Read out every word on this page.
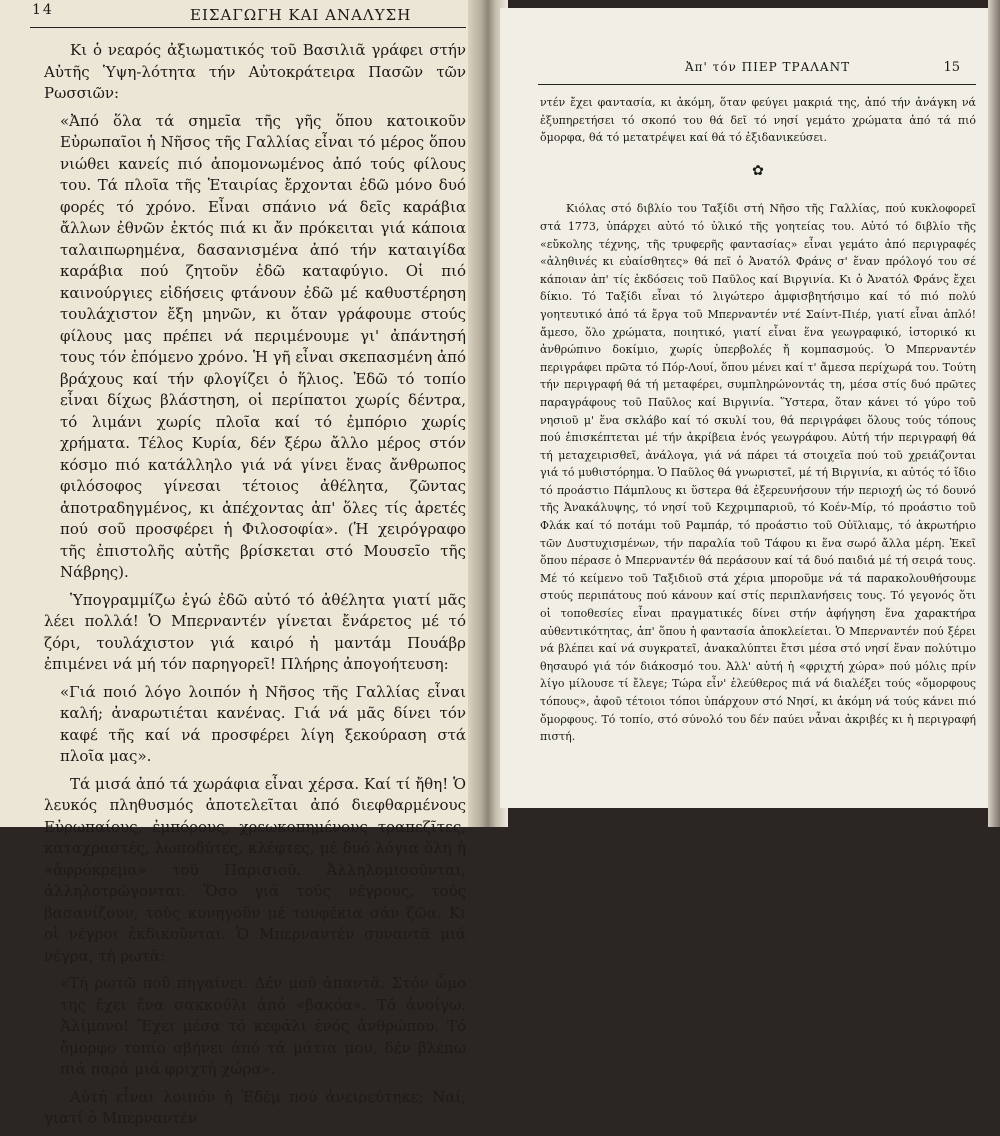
14	ΕΙΣΑΓΩΓΗ ΚΑΙ ΑΝΑΛΥΣΗ

Κι ὁ νεαρός ἀξιωματικός τοῦ Βασιλιᾶ γράφει στήν Αὐτῆς Ὑψη-λότητα τήν Αὐτοκράτειρα Πασῶν τῶν Ρωσσιῶν:

«Ἀπό ὅλα τά σημεῖα τῆς γῆς ὅπου κατοικοῦν Εὐρωπαῖοι ἡ Νῆσος τῆς Γαλλίας εἶναι τό μέρος ὅπου νιώθει κανείς πιό ἀπομονωμένος ἀπό τούς φίλους του. Τά πλοῖα τῆς Ἑταιρίας ἔρχονται ἐδῶ μόνο δυό φορές τό χρόνο. Εἶναι σπάνιο νά δεῖς καράβια ἄλλων ἐθνῶν ἐκτός πιά κι ἄν πρόκειται γιά κάποια ταλαιπωρημένα, δασανισμένα ἀπό τήν καταιγίδα καράβια πού ζητοῦν ἐδῶ καταφύγιο. Οἱ πιό καινούργιες εἰδήσεις φτάνουν ἐδῶ μέ καθυστέρηση τουλάχιστον ἔξη μηνῶν, κι ὅταν γράφουμε στούς φίλους μας πρέπει νά περιμένουμε γι' ἀπάντησή τους τόν ἑπόμενο χρόνο. Ἡ γῆ εἶναι σκεπασμένη ἀπό βράχους καί τήν φλογίζει ὁ ἥλιος. Ἐδῶ τό τοπίο εἶναι δίχως βλάστηση, οἱ περίπατοι χωρίς δέντρα, τό λιμάνι χωρίς πλοῖα καί τό ἐμπόριο χωρίς χρήματα. Τέλος Κυρία, δέν ξέρω ἄλλο μέρος στόν κόσμο πιό κατάλληλο γιά νά γίνει ἕνας ἄνθρωπος φιλόσοφος γίνεσαι τέτοιος ἀθέλητα, ζῶντας ἀποτραδηγμένος, κι ἀπέχοντας ἀπ' ὅλες τίς ἀρετές πού σοῦ προσφέρει ἡ Φιλοσοφία». (Ἡ χειρόγραφο τῆς ἐπιστολῆς αὐτῆς βρίσκεται στό Μουσεῖο τῆς Νάβρης).

Ὑπογραμμίζω ἐγώ ἐδῶ αὐτό τό ἀθέλητα γιατί μᾶς λέει πολλά! Ὁ Μπερναντέν γίνεται ἔνάρετος μέ τό ζόρι, τουλάχιστον γιά καιρό ἡ μαντάμ Πουάβρ ἐπιμένει νά μή τόν παρηγορεῖ! Πλήρης ἀπογοήτευση:

«Γιά ποιό λόγο λοιπόν ἡ Νῆσος τῆς Γαλλίας εἶναι καλή; ἀναρωτιέται κανένας. Γιά νά μᾶς δίνει τόν καφέ τῆς καί νά προσφέρει λίγη ξεκούραση στά πλοῖα μας».

Τά μισά ἀπό τά χωράφια εἶναι χέρσα. Καί τί ἤθη! Ὁ λευκός πληθυσμός ἀποτελεῖται ἀπό διεφθαρμένους Εὐρωπαίους, ἐμπόρους, χρεωκοπημένους τραπεζῖτες, καταχραστές, λωποδύτες, κλέφτες, μέ δυό λόγια ὅλη ἡ «ἀφρόκρεμα» τοῦ Παρισιοῦ. Ἀλληλομισοῦνται, ἀλληλοτρώγονται. Ὅσο γιά τούς νέγρους, τούς βασανίζουν, τούς κυνηγοῦν μέ τουφέκια σάν ζῶα. Κι οἱ νέγροι ἐκδικοῦνται. Ὁ Μπερναντέν συναντᾶ μιά νέγρα, τή ρωτᾶ:

«Τή ρωτῶ ποῦ πηγαίνει. Δέν μοῦ ἀπαντᾶ. Στόν ὦμο της ἔχει ἕνα σακκούλι ἀπό «βακόα». Τό ἀνοίγω. Ἀλίμονο! Ἔχει μέσα τό κεφάλι ἑνός ἀνθρώπου. Τό ὄμορφο τοπίο σβήνει ἀπό τά μάτια μου, δέν βλέπω πιά παρά μιά φριχτή χώρα».

Αὐτή εἶναι λοιπόν ἡ Ἐδέμ πού ἀνειρεύτηκε; Ναί, γιατί ὁ Μπερναντέν

Ἀπ' τόν ΠΙΕΡ ΤΡΑΛΑΝΤ	15

ντέν ἔχει φαντασία, κι ἀκόμη, ὅταν φεύγει μακριά της, ἀπό τήν ἀνάγκη νά ἐξυπηρετήσει τό σκοπό του θά δεῖ τό νησί γεμάτο χρώματα ἀπό τά πιό ὄμορφα, θά τό μετατρέψει καί θά τό ἐξιδανικεύσει.

✿

Κιόλας στό διβλίο του Ταξίδι στή Νῆσο τῆς Γαλλίας, πού κυκλοφορεῖ στά 1773, ὑπάρχει αὐτό τό ὑλικό τῆς γοητείας του. Αὐτό τό διβλίο τῆς «εὔκολης τέχνης, τῆς τρυφερῆς φαντασίας» εἶναι γεμάτο ἀπό περιγραφές «ἀληθινές κι εὐαίσθητες» θά πεῖ ὁ Ἀνατόλ Φράνς σ' ἕναν πρόλογό του σέ κάποιαν ἀπ' τίς ἐκδόσεις τοῦ Παῦλος καί Βιργινία. Κι ὁ Ἀνατόλ Φράνς ἔχει δίκιο. Τό Ταξίδι εἶναι τό λιγώτερο ἀμφισβητήσιμο καί τό πιό πολύ γοητευτικό ἀπό τά ἔργα τοῦ Μπερναντέν ντέ Σαίντ-Πιέρ, γιατί εἶναι ἁπλό! ἄμεσο, ὅλο χρώματα, ποιητικό, γιατί εἶναι ἕνα γεωγραφικό, ἱστορικό κι ἀνθρώπινο δοκίμιο, χωρίς ὑπερβολές ἤ κομπασμούς. Ὁ Μπερναντέν περιγράφει πρῶτα τό Πόρ-Λουί, ὅπου μένει καί τ' ἄμεσα περίχωρά του. Τούτη τήν περιγραφή θά τή μεταφέρει, συμπληρώνοντάς τη, μέσα στίς δυό πρῶτες παραγράφους τοῦ Παῦλος καί Βιργινία. Ὕστερα, ὅταν κάνει τό γύρο τοῦ νησιοῦ μ' ἕνα σκλάβο καί τό σκυλί του, θά περιγράφει ὅλους τούς τόπους πού ἐπισκέπτεται μέ τήν ἀκρίβεια ἑνός γεωγράφου. Αὐτή τήν περιγραφή θά τή μεταχειρισθεῖ, ἀνάλογα, γιά νά πάρει τά στοιχεῖα πού τοῦ χρειάζονται γιά τό μυθιστόρημα. Ὁ Παῦλος θά γνωριστεῖ, μέ τή Βιργινία, κι αὐτός τό ἴδιο τό προάστιο Πάμπλους κι ὕστερα θά ἐξερευνήσουν τήν περιοχή ὡς τό δουνό τῆς Ἀνακάλυψης, τό νησί τοῦ Κεχριμπαριοῦ, τό Κοέν-Μίρ, τό προάστιο τοῦ Φλάκ καί τό ποτάμι τοῦ Ραμπάρ, τό προάστιο τοῦ Οὐϊλιαμς, τό ἀκρωτήριο τῶν Δυστυχισμένων, τήν παραλία τοῦ Τάφου κι ἕνα σωρό ἄλλα μέρη. Ἐκεῖ ὅπου πέρασε ὁ Μπερναντέν θά περάσουν καί τά δυό παιδιά μέ τή σειρά τους. Μέ τό κείμενο τοῦ Ταξιδιοῦ στά χέρια μποροῦμε νά τά παρακολουθήσουμε στούς περιπάτους πού κάνουν καί στίς περιπλανήσεις τους. Τό γεγονός ὅτι οἱ τοποθεσίες εἶναι πραγματικές δίνει στήν ἀφήγηση ἕνα χαρακτήρα αὐθεντικότητας, ἀπ' ὅπου ἡ φαντασία ἀποκλείεται. Ὁ Μπερναντέν πού ξέρει νά βλέπει καί νά συγκρατεῖ, ἀνακαλύπτει ἔτσι μέσα στό νησί ἕναν πολύτιμο θησαυρό γιά τόν διάκοσμό του. Ἀλλ' αὐτή ἡ «φριχτή χώρα» πού μόλις πρίν λίγο μίλουσε τί ἔλεγε; Τώρα εἶν' ἐλεύθερος πιά νά διαλέξει τούς «ὄμορφους τόπους», ἀφοῦ τέτοιοι τόποι ὑπάρχουν στό Νησί, κι ἀκόμη νά τούς κάνει πιό ὄμορφους. Τό τοπίο, στό σύνολό του δέν παύει νἆναι ἀκριβές κι ἡ περιγραφή πιστή.
